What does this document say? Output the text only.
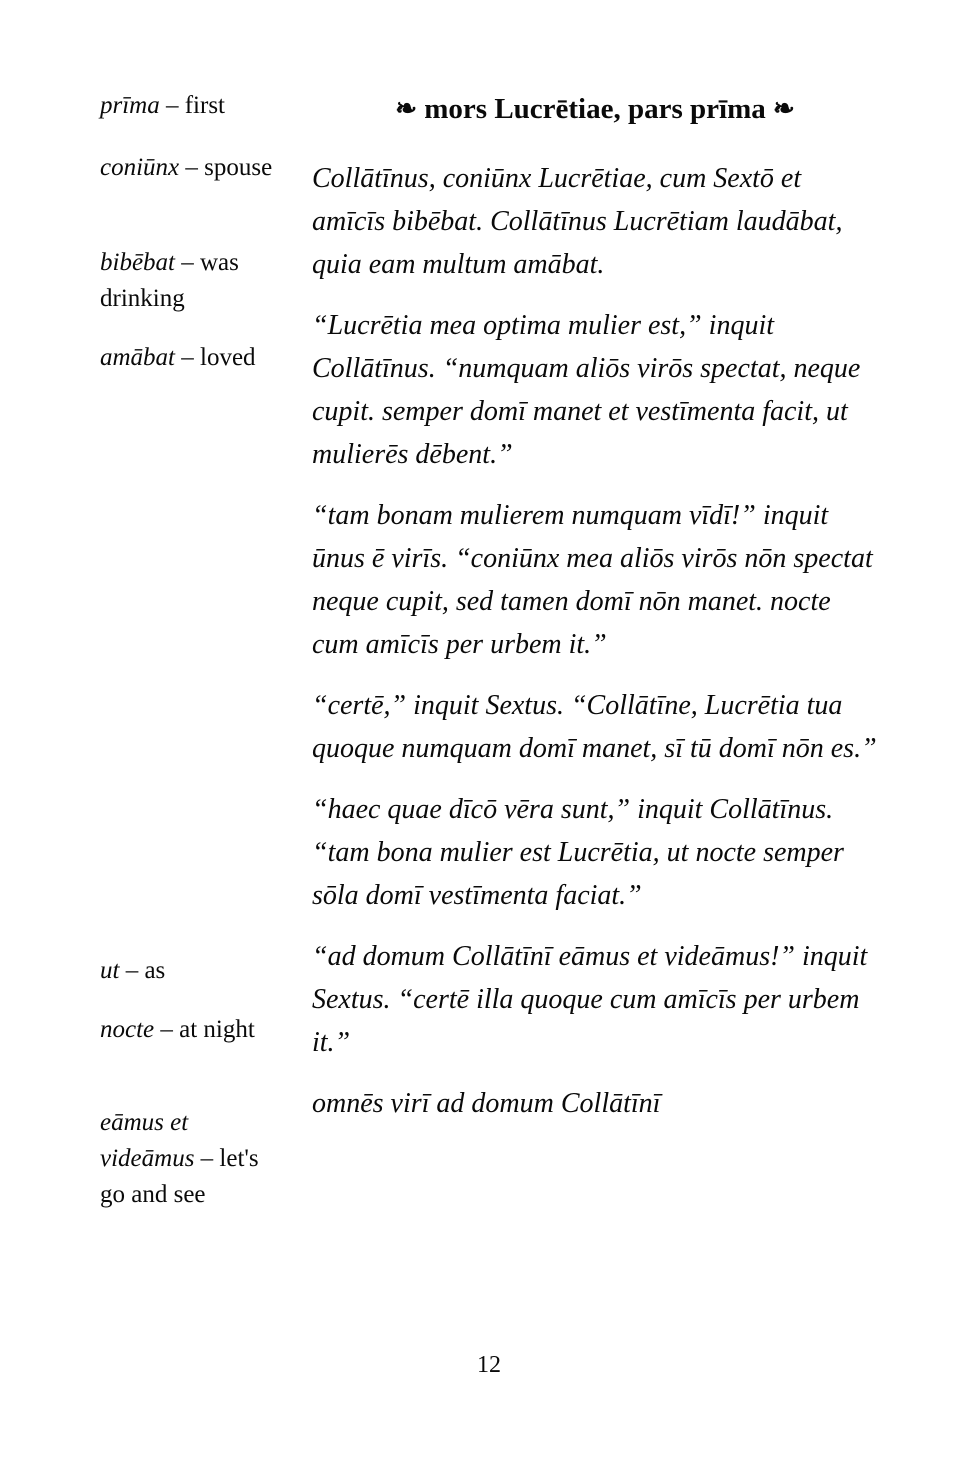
prīma – first
coniūnx – spouse
bibēbat – was drinking
amābat – loved
ut – as
nocte – at night
eāmus et videāmus – let's go and see
❧ mors Lucrētiae, pars prīma ❧

Collātīnus, coniūnx Lucrētiae, cum Sextō et amīcīs bibēbat. Collātīnus Lucrētiam laudābat, quia eam multum amābat.

“Lucrētia mea optima mulier est,” inquit Collātīnus. “numquam aliōs virōs spectat, neque cupit. semper domī manet et vestīmenta facit, ut mulierēs dēbent.”

“tam bonam mulierem numquam vīdī!” inquit ūnus ē virīs. “coniūnx mea aliōs virōs nōn spectat neque cupit, sed tamen domī nōn manet. nocte cum amīcīs per urbem it.”

“certē,” inquit Sextus. “Collātīne, Lucrētia tua quoque numquam domī manet, sī tū domī nōn es.”

“haec quae dīcō vēra sunt,” inquit Collātīnus. “tam bona mulier est Lucrētia, ut nocte semper sōla domī vestīmenta faciat.”

“ad domum Collātīnī eāmus et videāmus!” inquit Sextus. “certē illa quoque cum amīcīs per urbem it.”

omnēs virī ad domum Collātīnī

12
